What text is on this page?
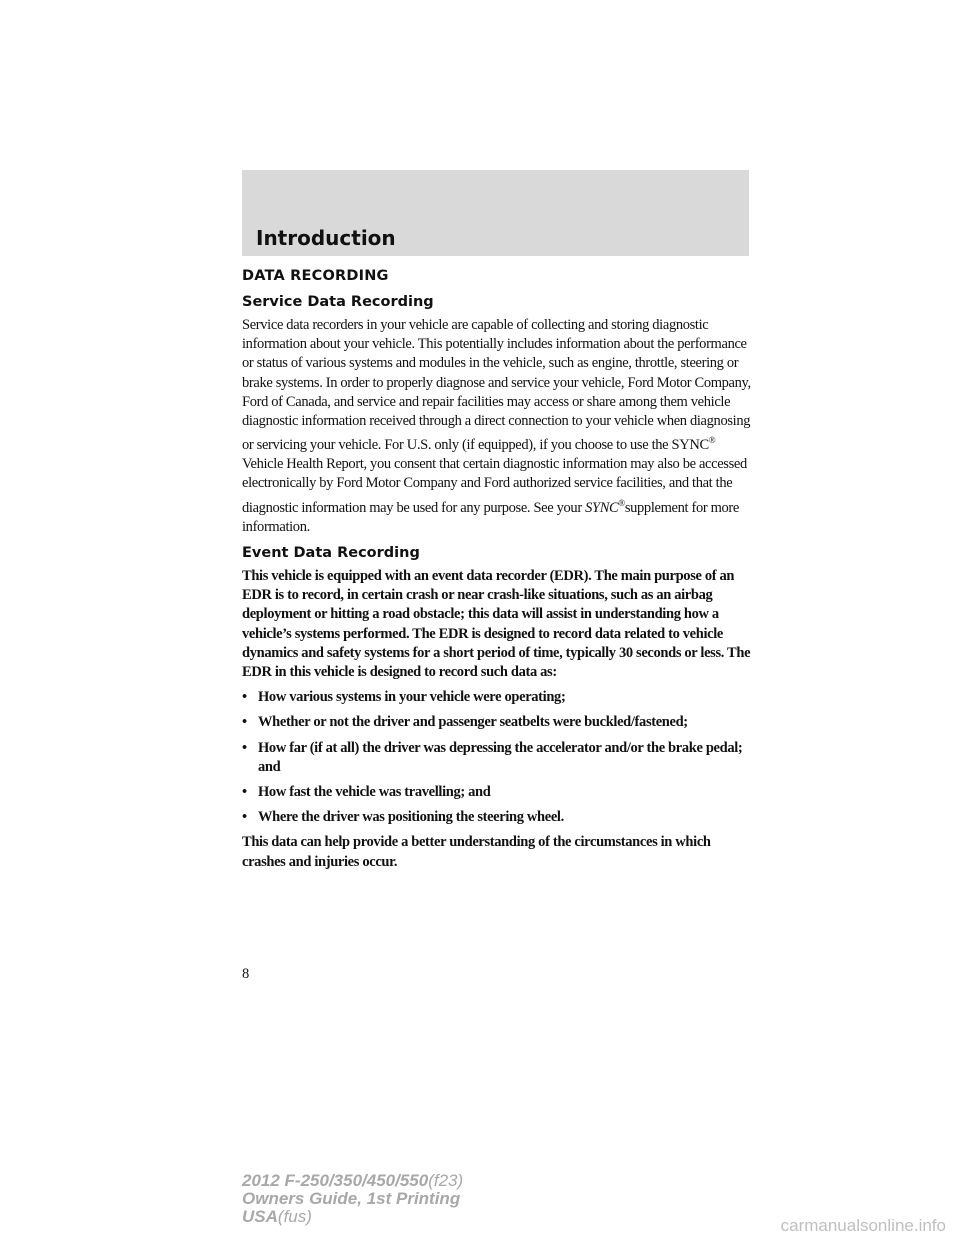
Introduction
DATA RECORDING
Service Data Recording

Service data recorders in your vehicle are capable of collecting and storing diagnostic information about your vehicle. This potentially includes information about the performance or status of various systems and modules in the vehicle, such as engine, throttle, steering or brake systems. In order to properly diagnose and service your vehicle, Ford Motor Company, Ford of Canada, and service and repair facilities may access or share among them vehicle diagnostic information received through a direct connection to your vehicle when diagnosing or servicing your vehicle. For U.S. only (if equipped), if you choose to use the SYNC® Vehicle Health Report, you consent that certain diagnostic information may also be accessed electronically by Ford Motor Company and Ford authorized service facilities, and that the diagnostic information may be used for any purpose. See your SYNC®supplement for more information.

Event Data Recording

This vehicle is equipped with an event data recorder (EDR). The main purpose of an EDR is to record, in certain crash or near crash-like situations, such as an airbag deployment or hitting a road obstacle; this data will assist in understanding how a vehicle’s systems performed. The EDR is designed to record data related to vehicle dynamics and safety systems for a short period of time, typically 30 seconds or less. The EDR in this vehicle is designed to record such data as:

• How various systems in your vehicle were operating;
• Whether or not the driver and passenger seatbelts were buckled/fastened;
• How far (if at all) the driver was depressing the accelerator and/or the brake pedal; and
• How fast the vehicle was travelling; and
• Where the driver was positioning the steering wheel.

This data can help provide a better understanding of the circumstances in which crashes and injuries occur.

8

2012 F-250/350/450/550(f23)
Owners Guide, 1st Printing
USA(fus)	carmanualsonline.info
